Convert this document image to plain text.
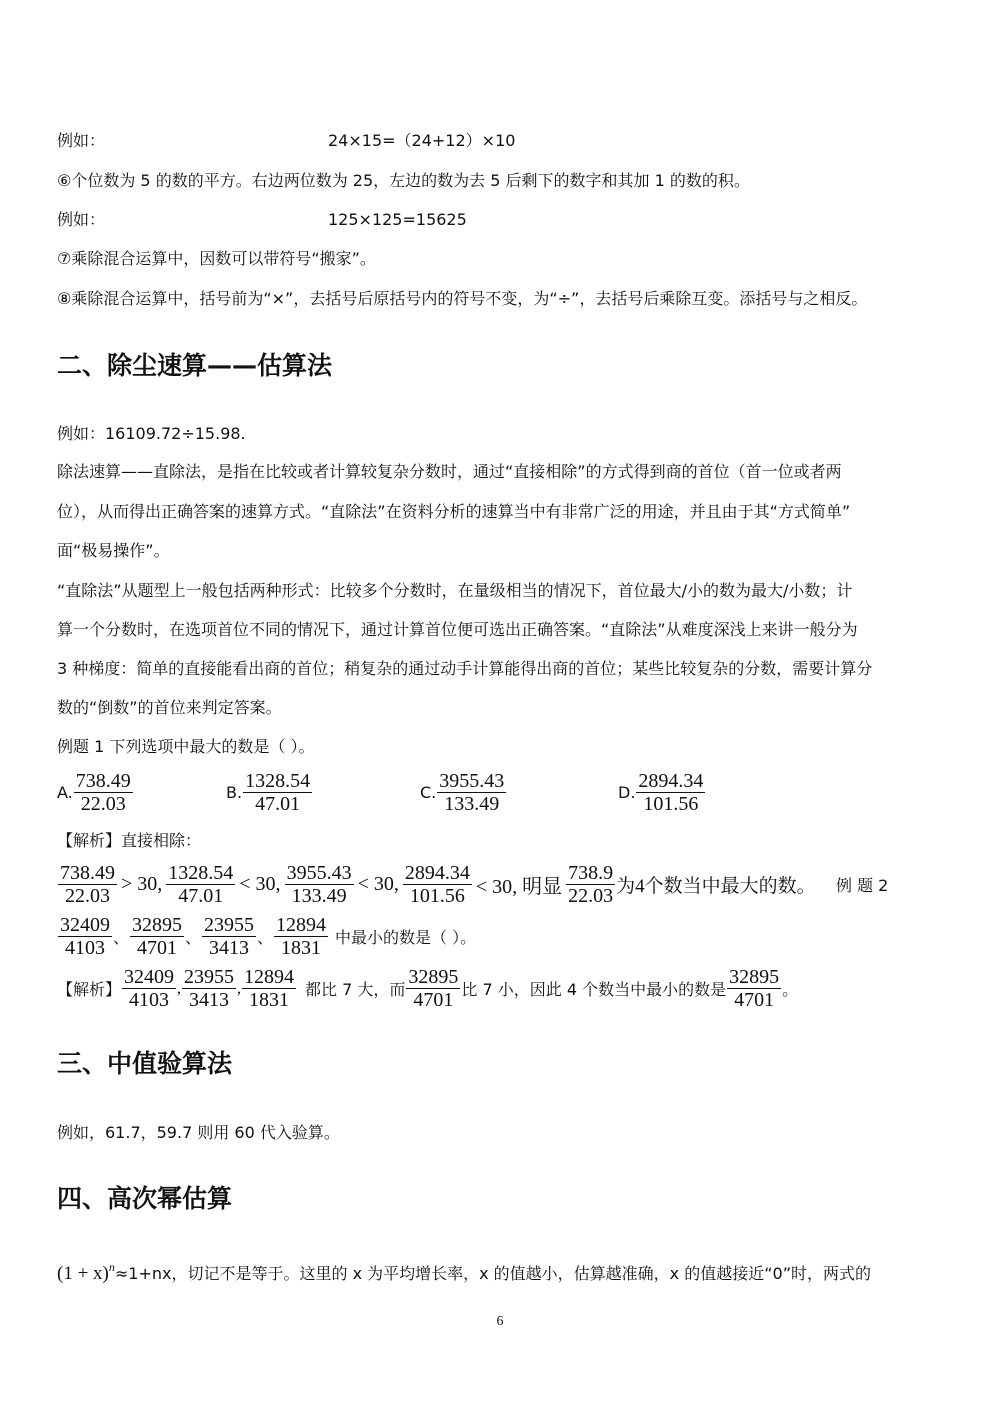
例如：	24×15=（24+12）×10
⑥个位数为 5 的数的平方。右边两位数为 25，左边的数为去 5 后剩下的数字和其加 1 的数的积。
例如：	125×125=15625
⑦乘除混合运算中，因数可以带符号“搬家”。
⑧乘除混合运算中，括号前为“×”，去括号后原括号内的符号不变，为“÷”，去括号后乘除互变。添括号与之相反。
二、除尘速算——估算法
例如：16109.72÷15.98.
除法速算——直除法，是指在比较或者计算较复杂分数时，通过“直接相除”的方式得到商的首位（首一位或者两
位），从而得出正确答案的速算方式。“直除法”在资料分析的速算当中有非常广泛的用途，并且由于其“方式简单”
面“极易操作”。
“直除法”从题型上一般包括两种形式：比较多个分数时，在量级相当的情况下，首位最大/小的数为最大/小数；计
算一个分数时，在选项首位不同的情况下，通过计算首位便可选出正确答案。“直除法”从难度深浅上来讲一般分为
3 种梯度：简单的直接能看出商的首位；稍复杂的通过动手计算能得出商的首位；某些比较复杂的分数，需要计算分
数的“倒数”的首位来判定答案。
例题 1 下列选项中最大的数是（ ）。
A. $\frac{738.49}{22.03}$	B. $\frac{1328.54}{47.01}$	C. $\frac{3955.43}{133.49}$	D. $\frac{2894.34}{101.56}$
【解析】直接相除：
$\frac{738.49}{22.03} > 30$, $\frac{1328.54}{47.01} < 30$, $\frac{3955.43}{133.49} < 30$, $\frac{2894.34}{101.56} < 30$, 明显 $\frac{738.9}{22.03}$ 为4个数当中最大的数。 例 题 2
$\frac{32409}{4103}$ 、 $\frac{32895}{4701}$ 、 $\frac{23955}{3413}$ 、 $\frac{12894}{1831}$ 中最小的数是（ ）。
【解析】 $\frac{32409}{4103}$ , $\frac{23955}{3413}$ , $\frac{12894}{1831}$ 都比 7 大，而 $\frac{32895}{4701}$ 比 7 小，因此 4 个数当中最小的数是 $\frac{32895}{4701}$ 。
三、中值验算法
例如，61.7，59.7 则用 60 代入验算。
四、高次幂估算
$(1 + x)^n \approx 1+nx$，切记不是等于。这里的 x 为平均增长率，x 的值越小，估算越准确，x 的值越接近“0”时，两式的
6
